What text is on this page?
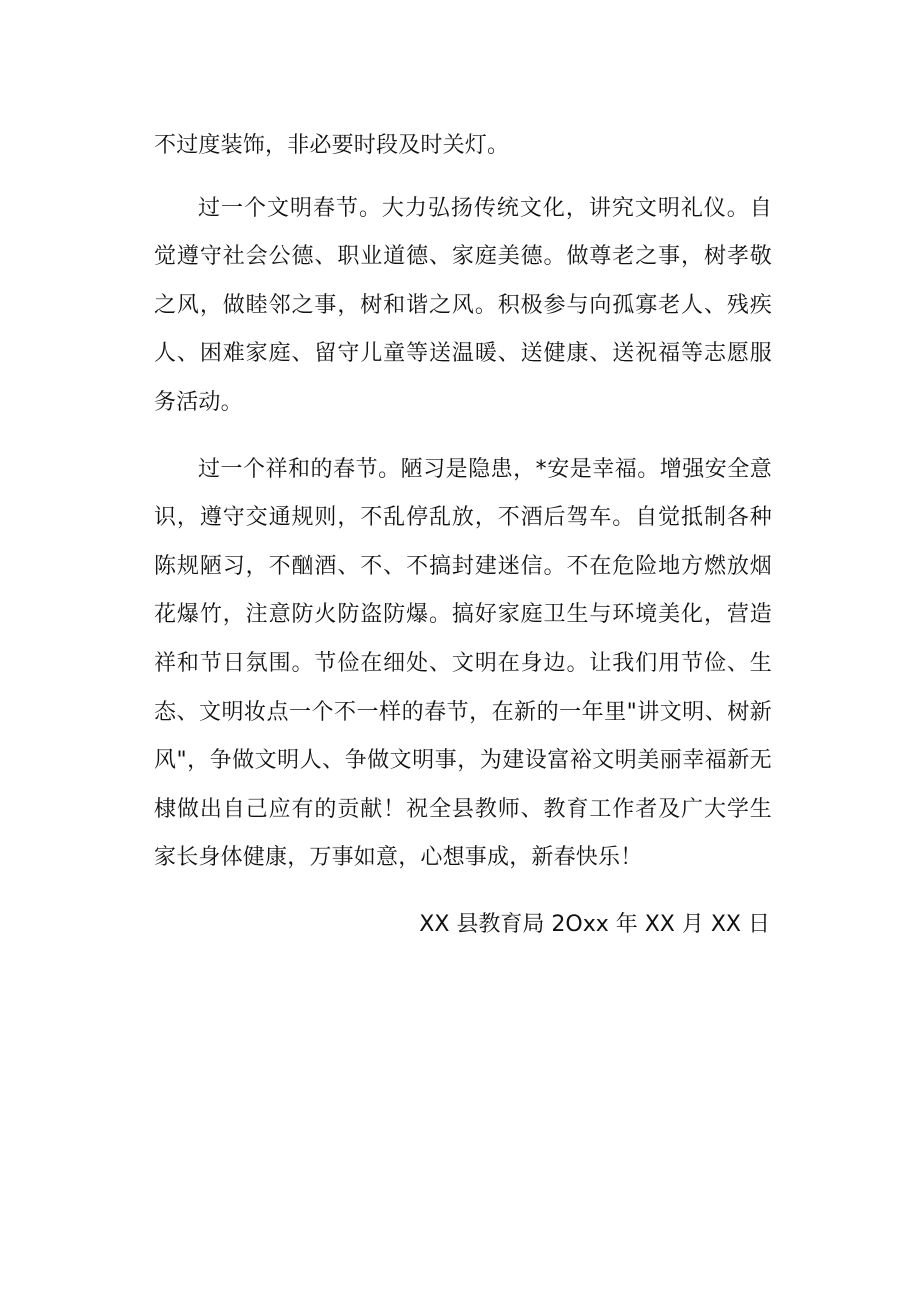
不过度装饰，非必要时段及时关灯。

过一个文明春节。大力弘扬传统文化，讲究文明礼仪。自觉遵守社会公德、职业道德、家庭美德。做尊老之事，树孝敬之风，做睦邻之事，树和谐之风。积极参与向孤寡老人、残疾人、困难家庭、留守儿童等送温暖、送健康、送祝福等志愿服务活动。

过一个祥和的春节。陋习是隐患，*安是幸福。增强安全意识，遵守交通规则，不乱停乱放，不酒后驾车。自觉抵制各种陈规陋习，不酗酒、不、不搞封建迷信。不在危险地方燃放烟花爆竹，注意防火防盗防爆。搞好家庭卫生与环境美化，营造祥和节日氛围。节俭在细处、文明在身边。让我们用节俭、生态、文明妆点一个不一样的春节，在新的一年里"讲文明、树新风"，争做文明人、争做文明事，为建设富裕文明美丽幸福新无棣做出自己应有的贡献！祝全县教师、教育工作者及广大学生家长身体健康，万事如意，心想事成，新春快乐！

XX 县教育局 2Oxx 年 XX 月 XX 日
